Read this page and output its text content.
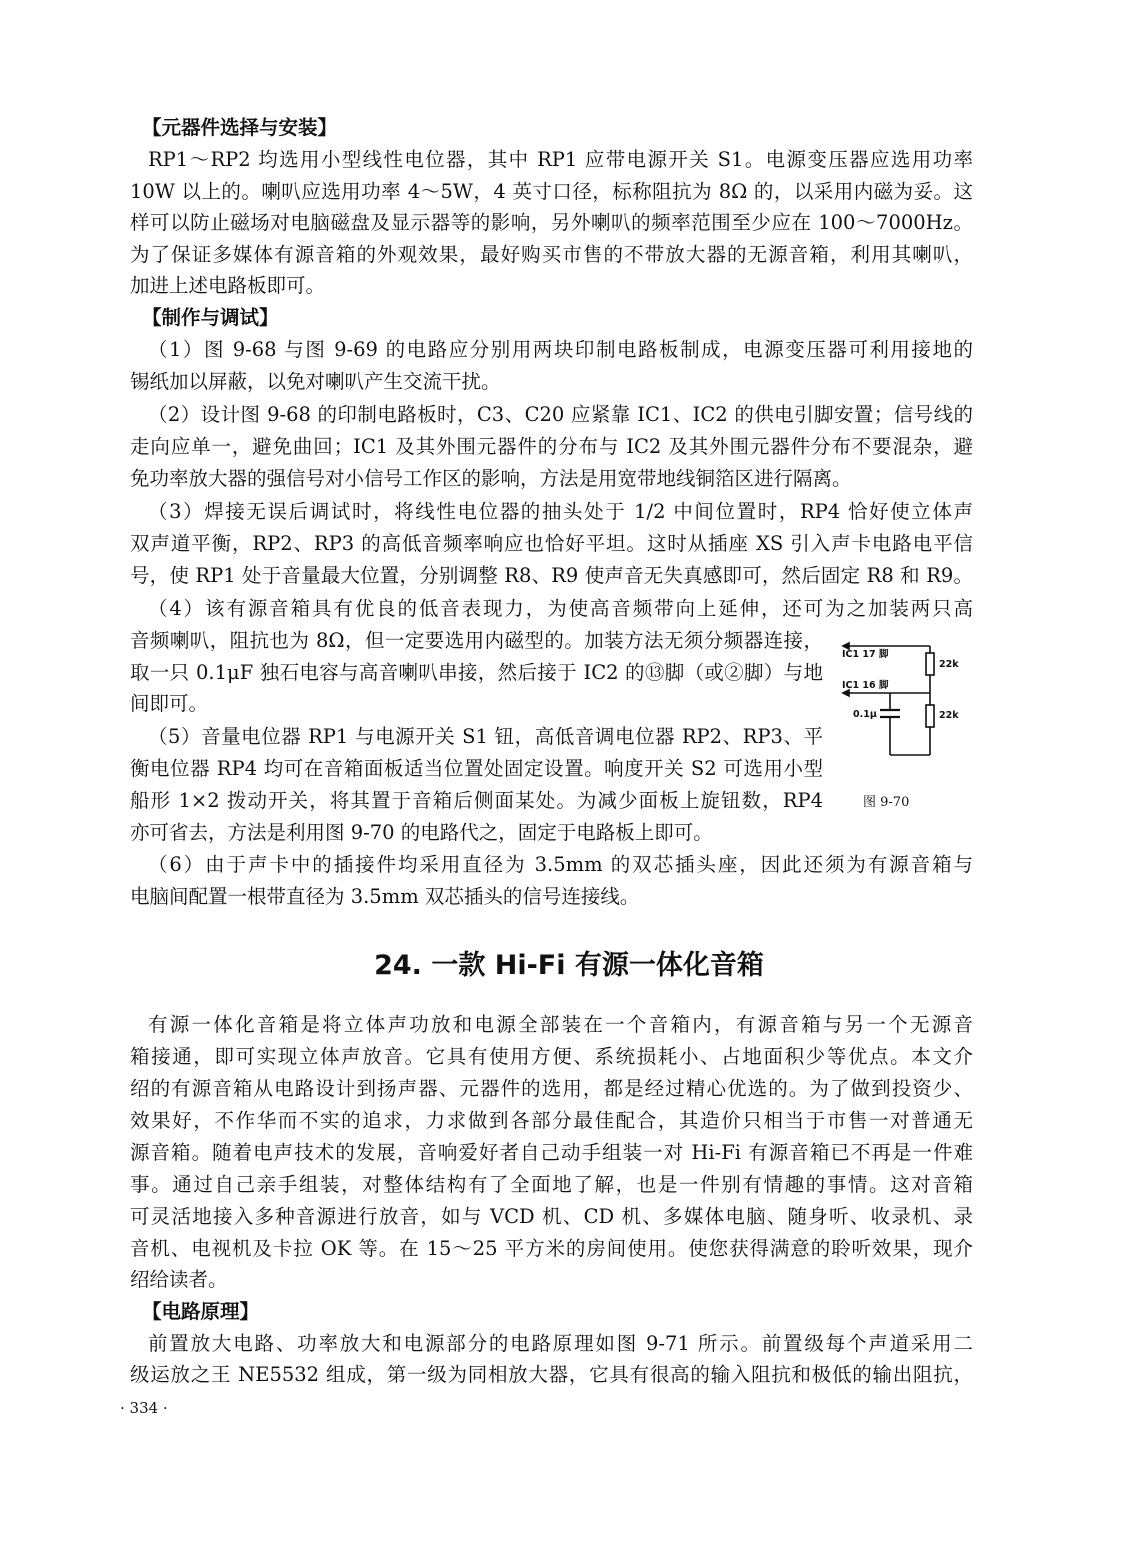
【元器件选择与安装】
RP1～RP2 均选用小型线性电位器，其中 RP1 应带电源开关 S1。电源变压器应选用功率
10W 以上的。喇叭应选用功率 4～5W，4 英寸口径，标称阻抗为 8Ω 的，以采用内磁为妥。这
样可以防止磁场对电脑磁盘及显示器等的影响，另外喇叭的频率范围至少应在 100～7000Hz。
为了保证多媒体有源音箱的外观效果，最好购买市售的不带放大器的无源音箱，利用其喇叭，
加进上述电路板即可。
【制作与调试】
（1）图 9-68 与图 9-69 的电路应分别用两块印制电路板制成，电源变压器可利用接地的
锡纸加以屏蔽，以免对喇叭产生交流干扰。
（2）设计图 9-68 的印制电路板时，C3、C20 应紧靠 IC1、IC2 的供电引脚安置；信号线的
走向应单一，避免曲回；IC1 及其外围元器件的分布与 IC2 及其外围元器件分布不要混杂，避
免功率放大器的强信号对小信号工作区的影响，方法是用宽带地线铜箔区进行隔离。
（3）焊接无误后调试时，将线性电位器的抽头处于 1/2 中间位置时，RP4 恰好使立体声
双声道平衡，RP2、RP3 的高低音频率响应也恰好平坦。这时从插座 XS 引入声卡电路电平信
号，使 RP1 处于音量最大位置，分别调整 R8、R9 使声音无失真感即可，然后固定 R8 和 R9。
（4）该有源音箱具有优良的低音表现力，为使高音频带向上延伸，还可为之加装两只高
音频喇叭，阻抗也为 8Ω，但一定要选用内磁型的。加装方法无须分频器连接，
取一只 0.1μF 独石电容与高音喇叭串接，然后接于 IC2 的⑬脚（或②脚）与地
间即可。
（5）音量电位器 RP1 与电源开关 S1 钮，高低音调电位器 RP2、RP3、平
衡电位器 RP4 均可在音箱面板适当位置处固定设置。响度开关 S2 可选用小型
船形 1×2 拨动开关，将其置于音箱后侧面某处。为减少面板上旋钮数，RP4
亦可省去，方法是利用图 9-70 的电路代之，固定于电路板上即可。
（6）由于声卡中的插接件均采用直径为 3.5mm 的双芯插头座，因此还须为有源音箱与
电脑间配置一根带直径为 3.5mm 双芯插头的信号连接线。
IC1 17 脚
IC1 16 脚
22k
22k
0.1μ
图 9-70
24. 一款 Hi-Fi 有源一体化音箱
有源一体化音箱是将立体声功放和电源全部装在一个音箱内，有源音箱与另一个无源音
箱接通，即可实现立体声放音。它具有使用方便、系统损耗小、占地面积少等优点。本文介
绍的有源音箱从电路设计到扬声器、元器件的选用，都是经过精心优选的。为了做到投资少、
效果好，不作华而不实的追求，力求做到各部分最佳配合，其造价只相当于市售一对普通无
源音箱。随着电声技术的发展，音响爱好者自己动手组装一对 Hi-Fi 有源音箱已不再是一件难
事。通过自己亲手组装，对整体结构有了全面地了解，也是一件别有情趣的事情。这对音箱
可灵活地接入多种音源进行放音，如与 VCD 机、CD 机、多媒体电脑、随身听、收录机、录
音机、电视机及卡拉 OK 等。在 15～25 平方米的房间使用。使您获得满意的聆听效果，现介
绍给读者。
【电路原理】
前置放大电路、功率放大和电源部分的电路原理如图 9-71 所示。前置级每个声道采用二
级运放之王 NE5532 组成，第一级为同相放大器，它具有很高的输入阻抗和极低的输出阻抗，
· 334 ·
